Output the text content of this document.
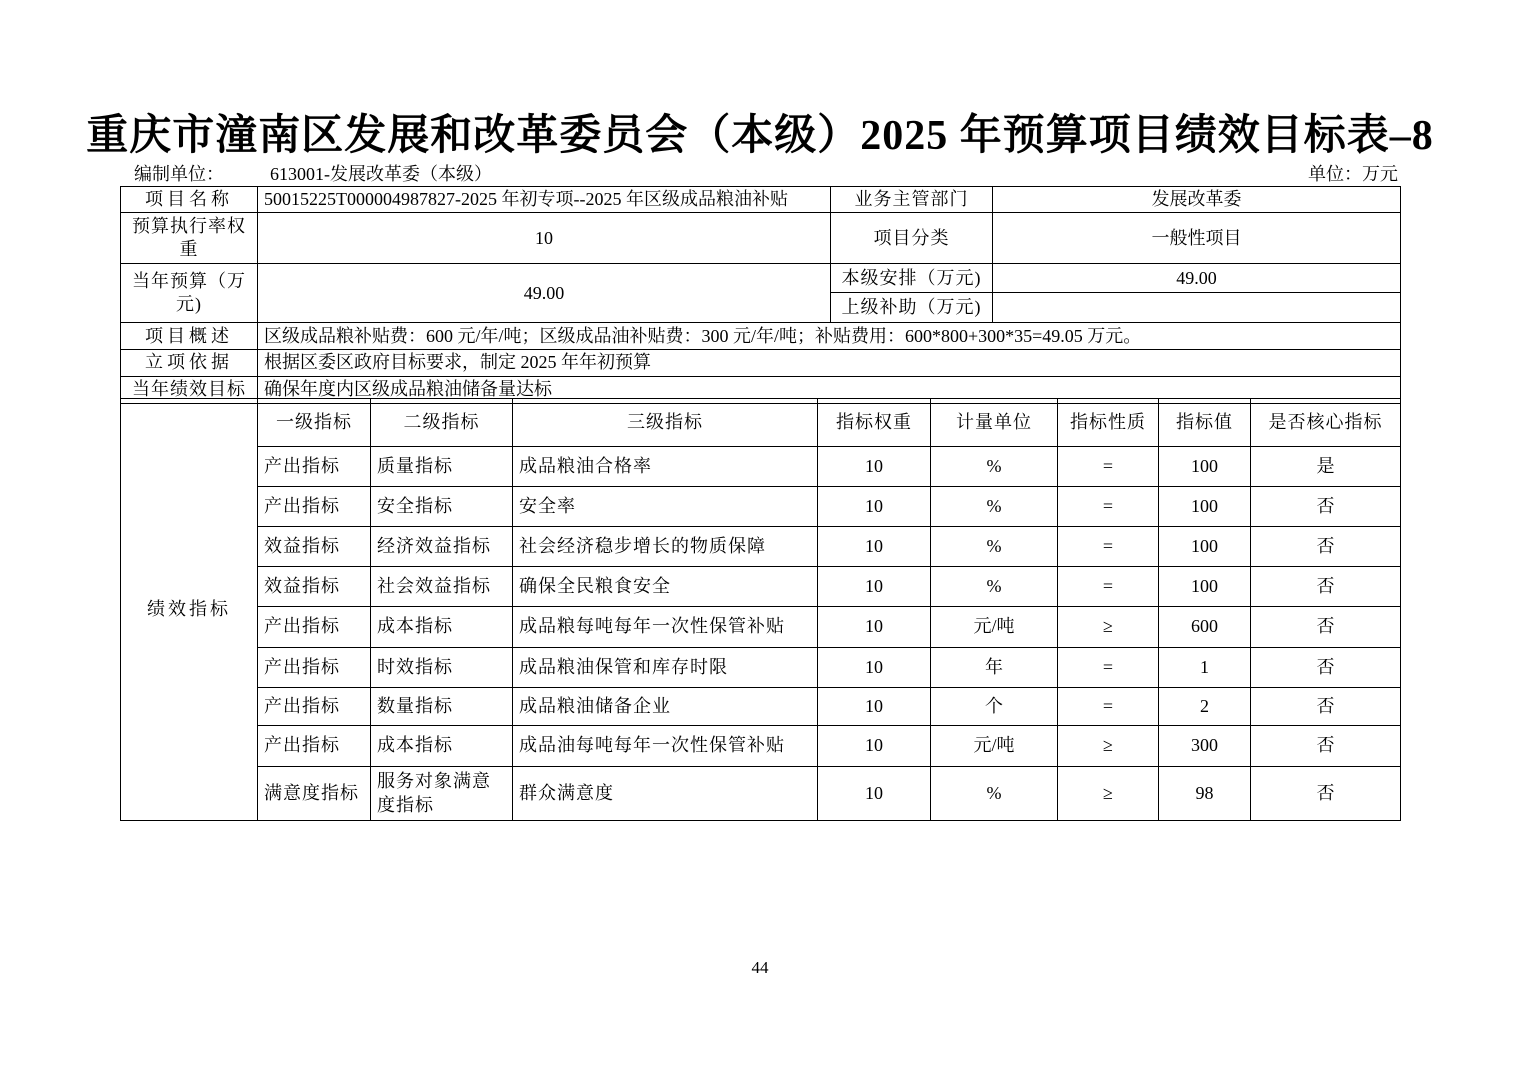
重庆市潼南区发展和改革委员会（本级）2025 年预算项目绩效目标表–8
编制单位：	613001-发展改革委（本级）	单位：万元
项目名称	50015225T000004987827-2025 年初专项--2025 年区级成品粮油补贴	业务主管部门	发展改革委
预算执行率权重	10	项目分类	一般性项目
当年预算（万元)	49.00	本级安排（万元)	49.00
		上级补助（万元)	
项目概述	区级成品粮补贴费：600 元/年/吨；区级成品油补贴费：300 元/年/吨；补贴费用：600*800+300*35=49.05 万元。		
立项依据	根据区委区政府目标要求，制定 2025 年年初预算		
当年绩效目标	确保年度内区级成品粮油储备量达标		
绩效指标	一级指标	二级指标	三级指标	指标权重	计量单位	指标性质	指标值	是否核心指标
	产出指标	质量指标	成品粮油合格率	10	%	=	100	是
	产出指标	安全指标	安全率	10	%	=	100	否
	效益指标	经济效益指标	社会经济稳步增长的物质保障	10	%	=	100	否
	效益指标	社会效益指标	确保全民粮食安全	10	%	=	100	否
	产出指标	成本指标	成品粮每吨每年一次性保管补贴	10	元/吨	≥	600	否
	产出指标	时效指标	成品粮油保管和库存时限	10	年	=	1	否
	产出指标	数量指标	成品粮油储备企业	10	个	=	2	否
	产出指标	成本指标	成品油每吨每年一次性保管补贴	10	元/吨	≥	300	否
	满意度指标	服务对象满意度指标	群众满意度	10	%	≥	98	否
44
